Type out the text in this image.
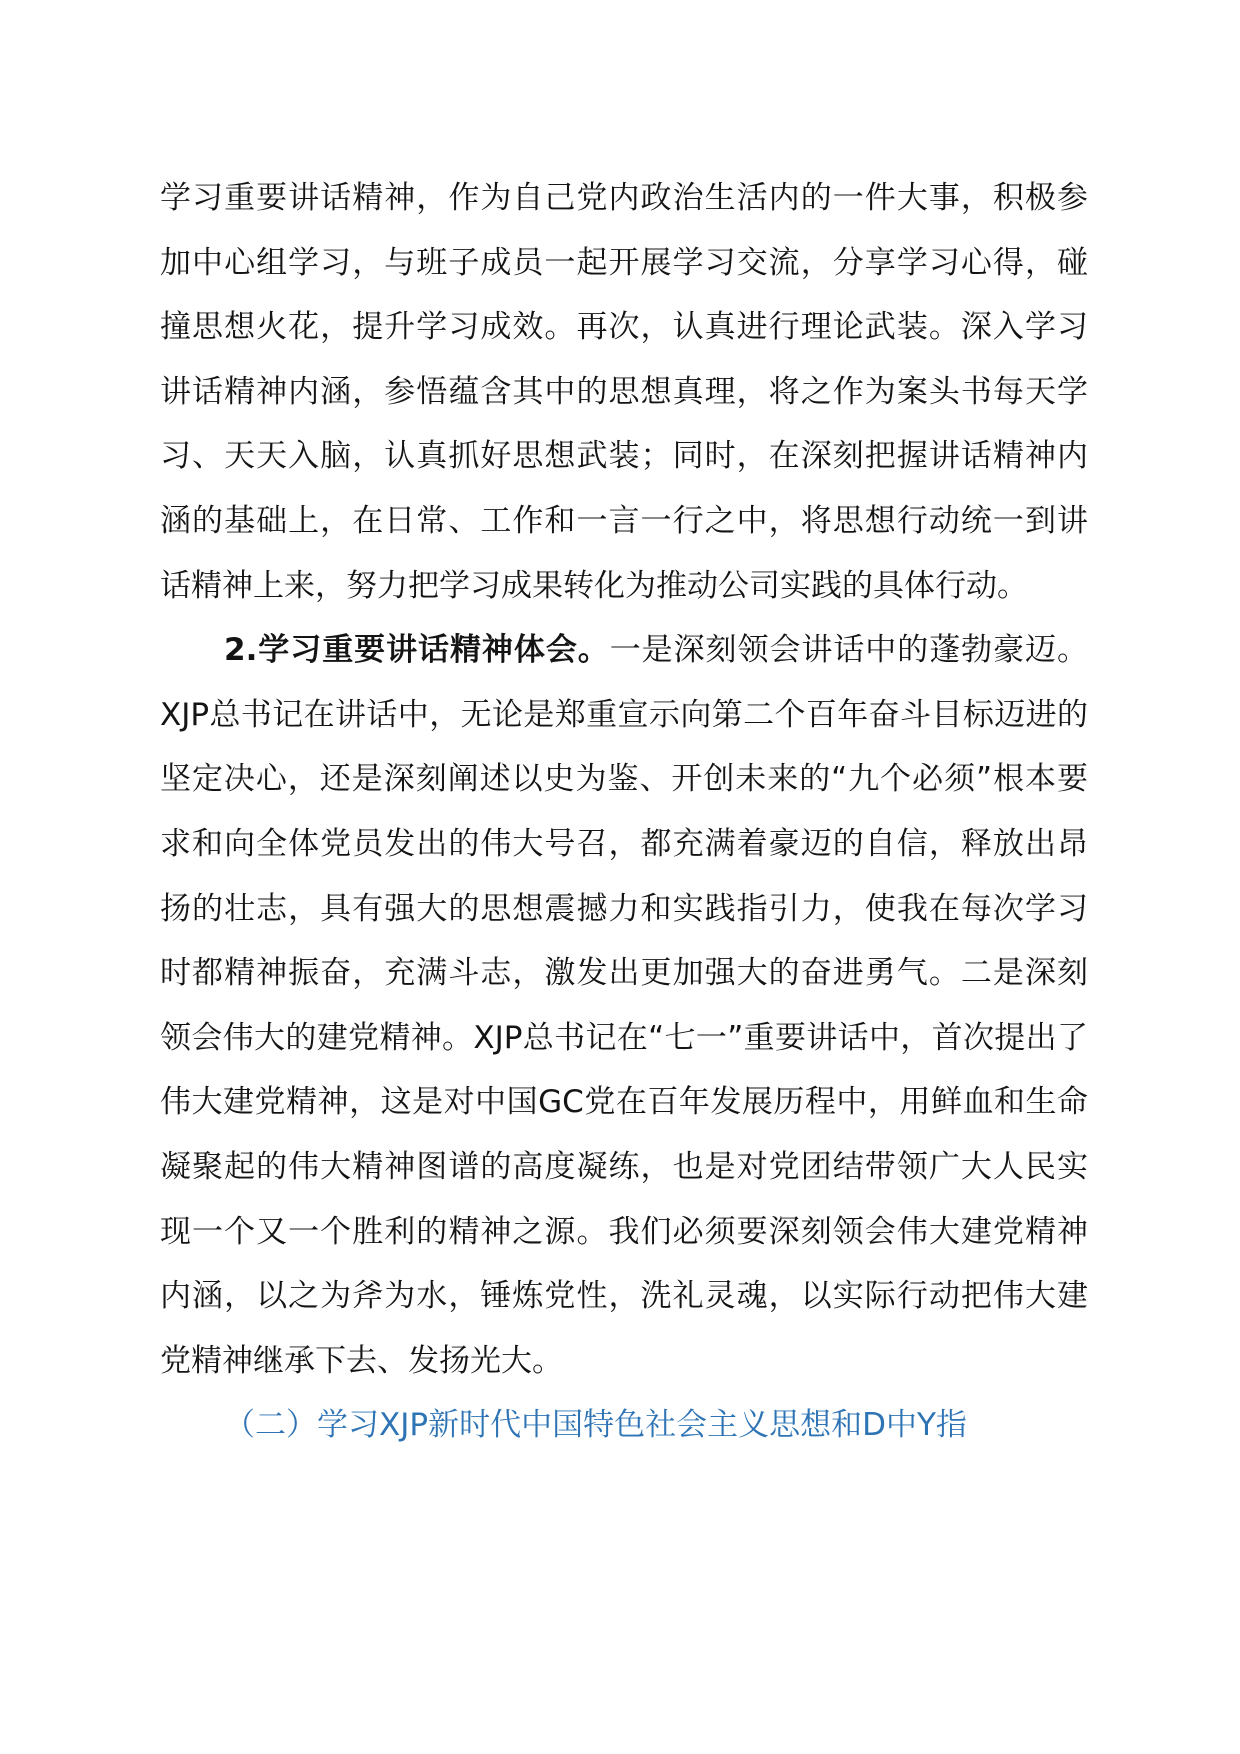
学习重要讲话精神，作为自己党内政治生活内的一件大事，积极参加中心组学习，与班子成员一起开展学习交流，分享学习心得，碰撞思想火花，提升学习成效。再次，认真进行理论武装。深入学习讲话精神内涵，参悟蕴含其中的思想真理，将之作为案头书每天学习、天天入脑，认真抓好思想武装；同时，在深刻把握讲话精神内涵的基础上，在日常、工作和一言一行之中，将思想行动统一到讲话精神上来，努力把学习成果转化为推动公司实践的具体行动。

2.学习重要讲话精神体会。一是深刻领会讲话中的蓬勃豪迈。XJP总书记在讲话中，无论是郑重宣示向第二个百年奋斗目标迈进的坚定决心，还是深刻阐述以史为鉴、开创未来的“九个必须”根本要求和向全体党员发出的伟大号召，都充满着豪迈的自信，释放出昂扬的壮志，具有强大的思想震撼力和实践指引力，使我在每次学习时都精神振奋，充满斗志，激发出更加强大的奋进勇气。二是深刻领会伟大的建党精神。XJP总书记在“七一”重要讲话中，首次提出了伟大建党精神，这是对中国GC党在百年发展历程中，用鲜血和生命凝聚起的伟大精神图谱的高度凝练，也是对党团结带领广大人民实现一个又一个胜利的精神之源。我们必须要深刻领会伟大建党精神内涵，以之为斧为水，锤炼党性，洗礼灵魂，以实际行动把伟大建党精神继承下去、发扬光大。

（二）学习XJP新时代中国特色社会主义思想和D中Y指
